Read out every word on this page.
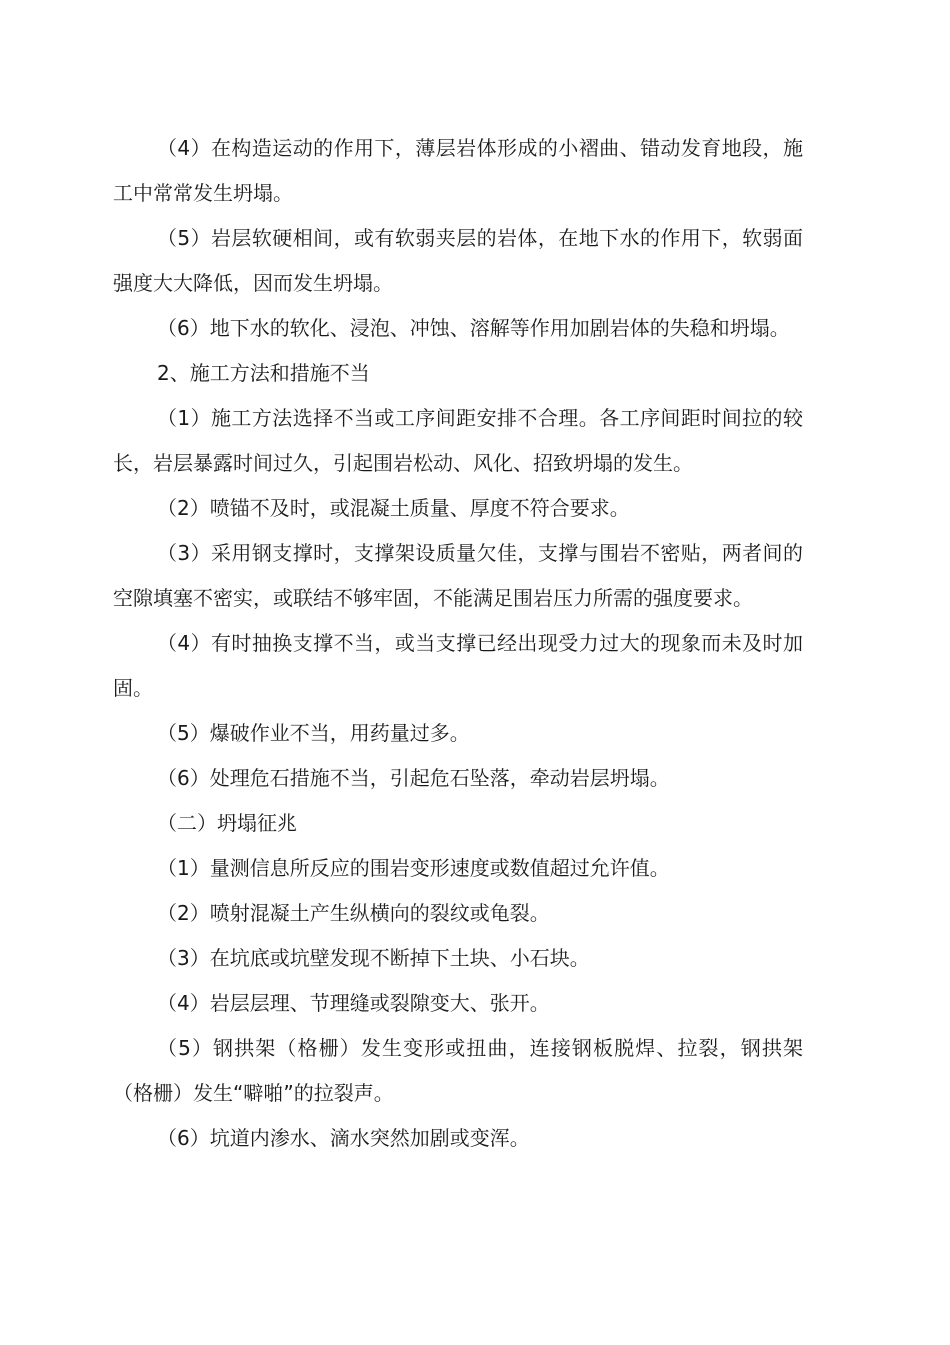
（4）在构造运动的作用下，薄层岩体形成的小褶曲、错动发育地段，施工中常常发生坍塌。

（5）岩层软硬相间，或有软弱夹层的岩体，在地下水的作用下，软弱面强度大大降低，因而发生坍塌。

（6）地下水的软化、浸泡、冲蚀、溶解等作用加剧岩体的失稳和坍塌。

2、施工方法和措施不当

（1）施工方法选择不当或工序间距安排不合理。各工序间距时间拉的较长，岩层暴露时间过久，引起围岩松动、风化、招致坍塌的发生。

（2）喷锚不及时，或混凝土质量、厚度不符合要求。

（3）采用钢支撑时，支撑架设质量欠佳，支撑与围岩不密贴，两者间的空隙填塞不密实，或联结不够牢固，不能满足围岩压力所需的强度要求。

（4）有时抽换支撑不当，或当支撑已经出现受力过大的现象而未及时加固。

（5）爆破作业不当，用药量过多。

（6）处理危石措施不当，引起危石坠落，牵动岩层坍塌。

（二）坍塌征兆

（1）量测信息所反应的围岩变形速度或数值超过允许值。

（2）喷射混凝土产生纵横向的裂纹或龟裂。

（3）在坑底或坑壁发现不断掉下土块、小石块。

（4）岩层层理、节理缝或裂隙变大、张开。

（5）钢拱架（格栅）发生变形或扭曲，连接钢板脱焊、拉裂，钢拱架（格栅）发生“噼啪”的拉裂声。

（6）坑道内渗水、滴水突然加剧或变浑。
